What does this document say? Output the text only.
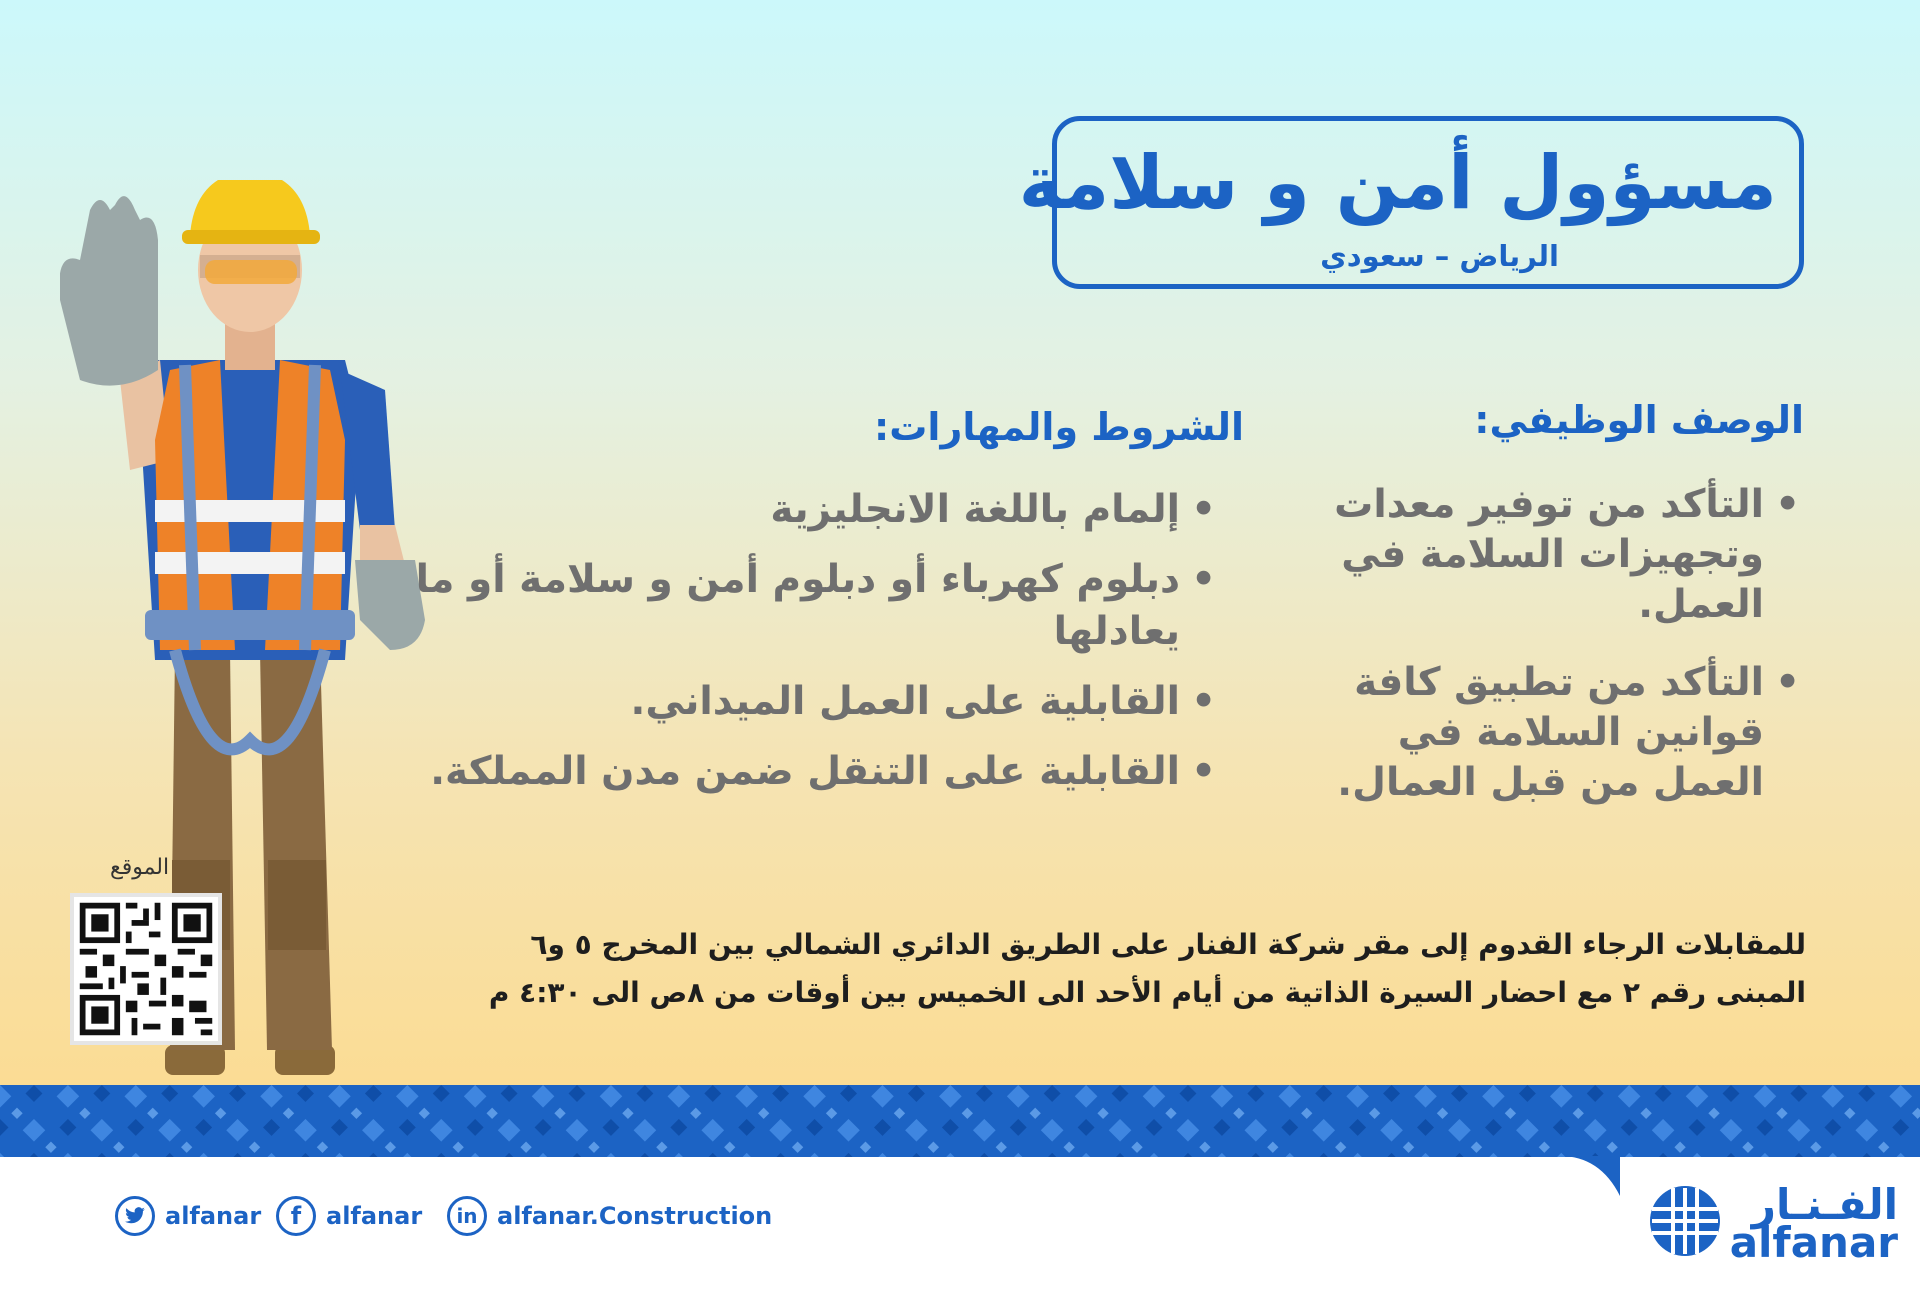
مسؤول أمن و سلامة
الرياض – سعودي
الوصف الوظيفي:
• التأكد من توفير معدات وتجهيزات السلامة في العمل.
• التأكد من تطبيق كافة قوانين السلامة في العمل من قبل العمال.
الشروط والمهارات:
• إلمام باللغة الانجليزية
• دبلوم كهرباء أو دبلوم أمن و سلامة أو ما يعادلها
• القابلية على العمل الميداني.
• القابلية على التنقل ضمن مدن المملكة.
للمقابلات الرجاء القدوم إلى مقر شركة الفنار على الطريق الدائري الشمالي بين المخرج ٥ و٦
المبنى رقم ٢ مع احضار السيرة الذاتية من أيام الأحد الى الخميس بين أوقات من ٨ص الى ٤:٣٠ م
الموقع
alfanar	f	alfanar	in alfanar.Construction	الفـنـار
alfanar
